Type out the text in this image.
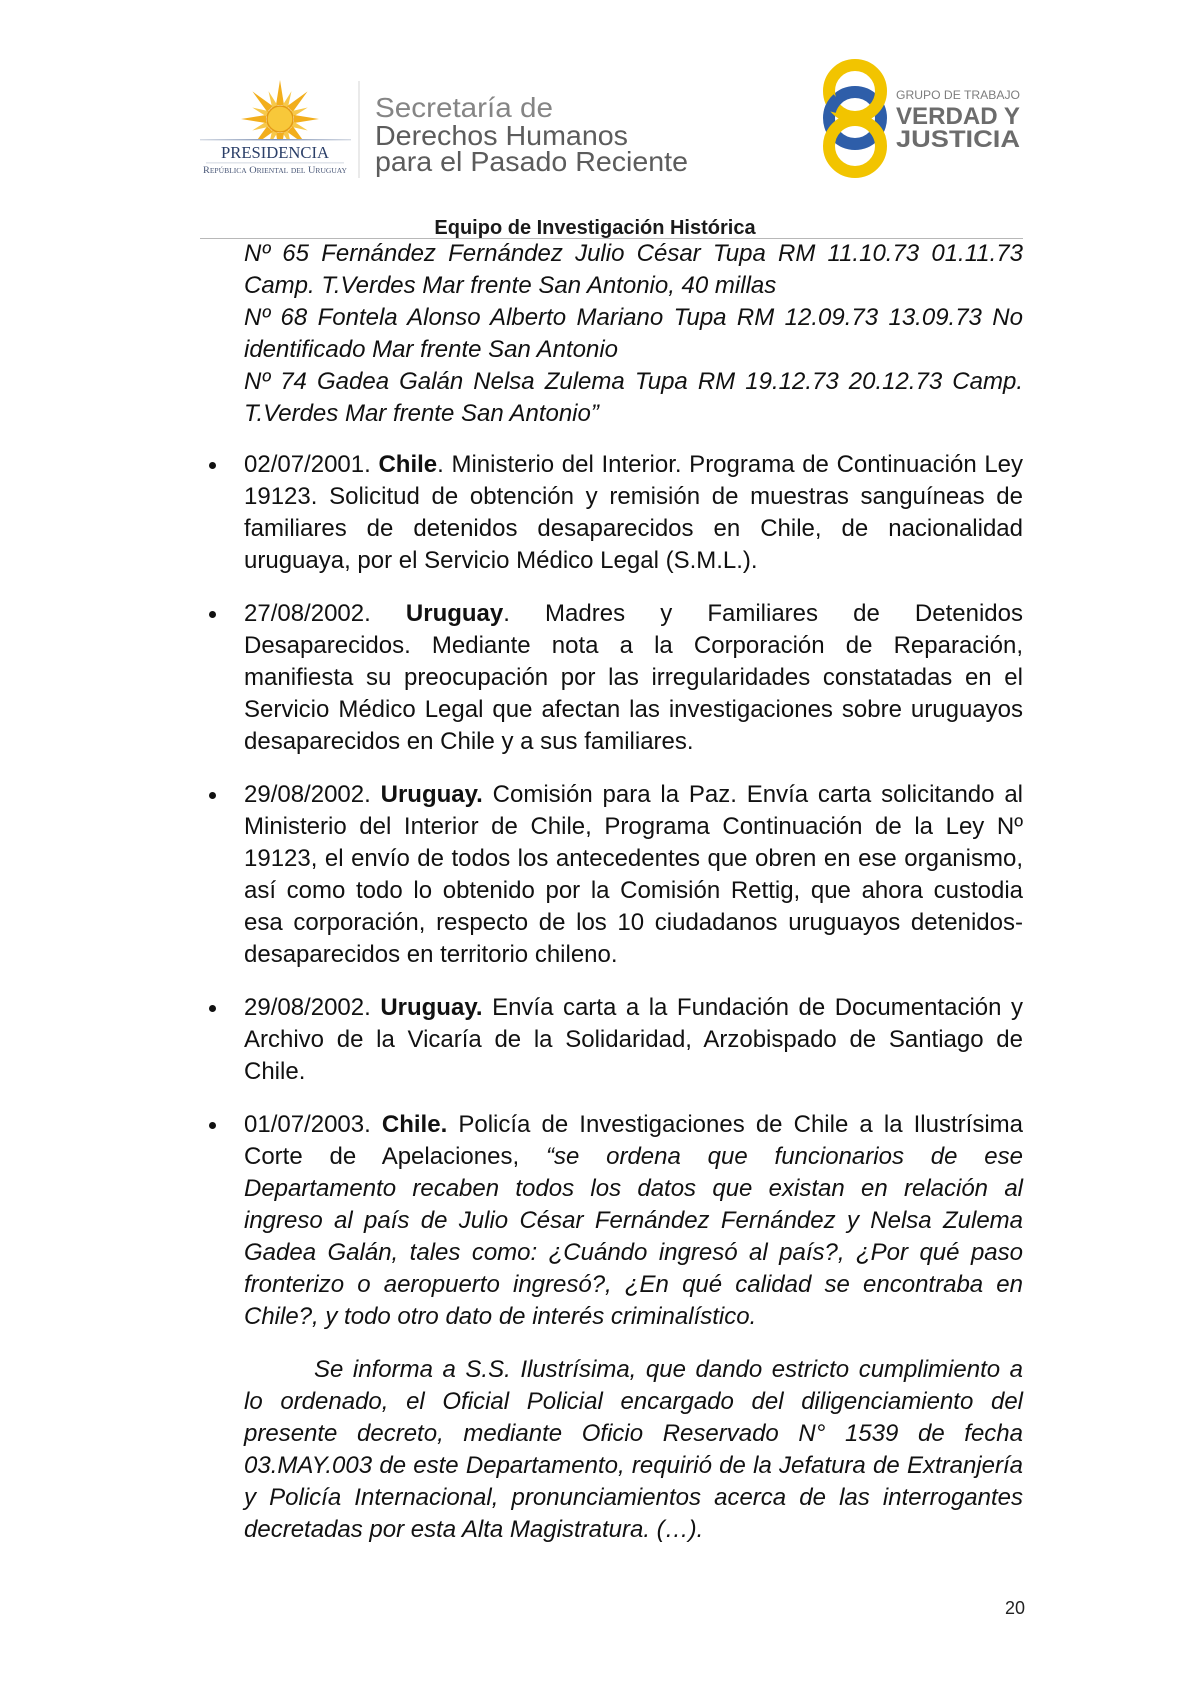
PRESIDENCIA
República Oriental del Uruguay
Secretaría de
Derechos Humanos
para el Pasado Reciente
GRUPO DE TRABAJO
VERDAD Y
JUSTICIA
Equipo de Investigación Histórica
Nº 65 Fernández Fernández Julio César Tupa RM 11.10.73 01.11.73
Camp. T.Verdes Mar frente San Antonio, 40 millas
Nº 68 Fontela Alonso Alberto Mariano Tupa RM 12.09.73 13.09.73 No
identificado Mar frente San Antonio
Nº 74 Gadea Galán Nelsa Zulema Tupa RM 19.12.73 20.12.73 Camp.
T.Verdes Mar frente San Antonio”
02/07/2001. Chile. Ministerio del Interior. Programa de Continuación Ley
19123. Solicitud de obtención y remisión de muestras sanguíneas de
familiares de detenidos desaparecidos en Chile, de nacionalidad
uruguaya, por el Servicio Médico Legal (S.M.L.).
27/08/2002. Uruguay. Madres y Familiares de Detenidos
Desaparecidos. Mediante nota a la Corporación de Reparación,
manifiesta su preocupación por las irregularidades constatadas en el
Servicio Médico Legal que afectan las investigaciones sobre uruguayos
desaparecidos en Chile y a sus familiares.
29/08/2002. Uruguay. Comisión para la Paz. Envía carta solicitando al
Ministerio del Interior de Chile, Programa Continuación de la Ley Nº
19123, el envío de todos los antecedentes que obren en ese organismo,
así como todo lo obtenido por la Comisión Rettig, que ahora custodia
esa corporación, respecto de los 10 ciudadanos uruguayos detenidos-
desaparecidos en territorio chileno.
29/08/2002. Uruguay. Envía carta a la Fundación de Documentación y
Archivo de la Vicaría de la Solidaridad, Arzobispado de Santiago de
Chile.
01/07/2003. Chile. Policía de Investigaciones de Chile a la Ilustrísima
Corte de Apelaciones, “se ordena que funcionarios de ese
Departamento recaben todos los datos que existan en relación al
ingreso al país de Julio César Fernández Fernández y Nelsa Zulema
Gadea Galán, tales como: ¿Cuándo ingresó al país?, ¿Por qué paso
fronterizo o aeropuerto ingresó?, ¿En qué calidad se encontraba en
Chile?, y todo otro dato de interés criminalístico.
Se informa a S.S. Ilustrísima, que dando estricto cumplimiento a
lo ordenado, el Oficial Policial encargado del diligenciamiento del
presente decreto, mediante Oficio Reservado N° 1539 de fecha
03.MAY.003 de este Departamento, requirió de la Jefatura de Extranjería
y Policía Internacional, pronunciamientos acerca de las interrogantes
decretadas por esta Alta Magistratura. (…).
20
